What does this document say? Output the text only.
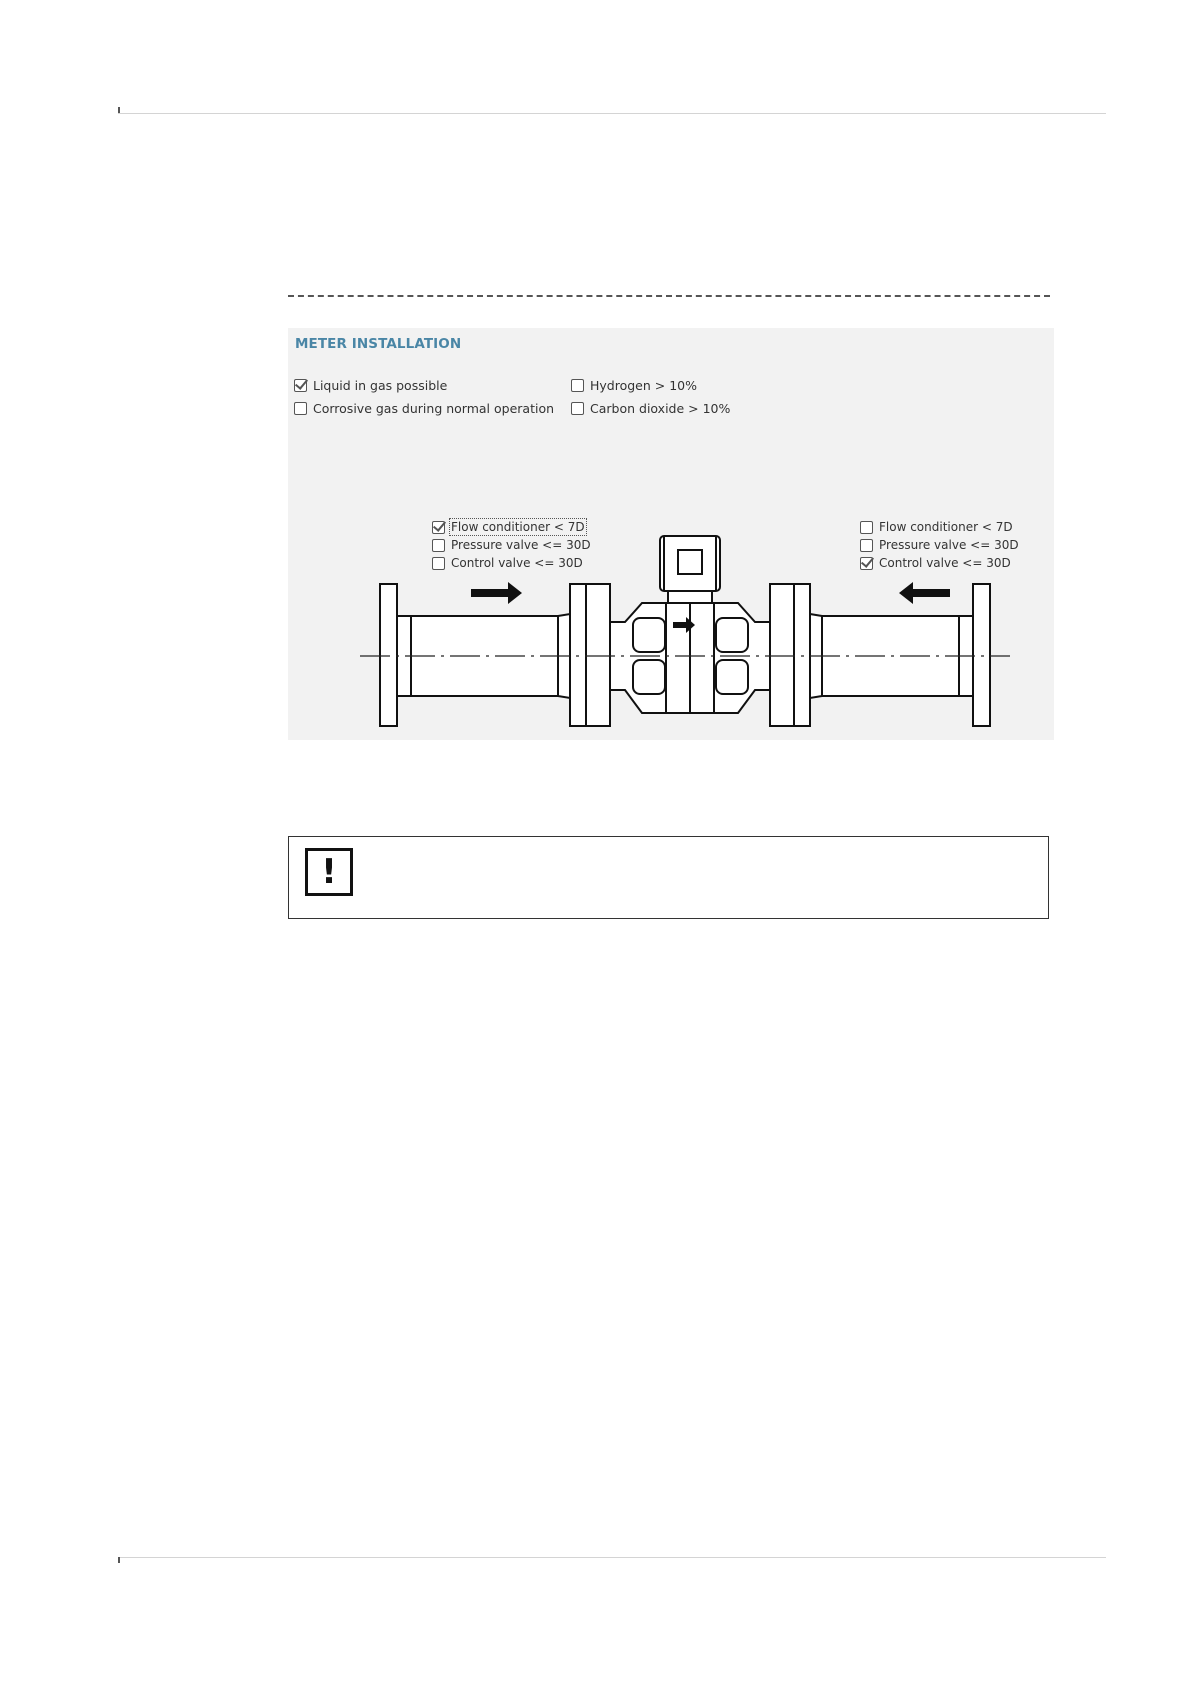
METER INSTALLATION
Liquid in gas possible
Corrosive gas during normal operation
Hydrogen > 10%
Carbon dioxide > 10%
Flow conditioner < 7D
Pressure valve <= 30D
Control valve <= 30D
Flow conditioner < 7D
Pressure valve <= 30D
Control valve <= 30D
!
